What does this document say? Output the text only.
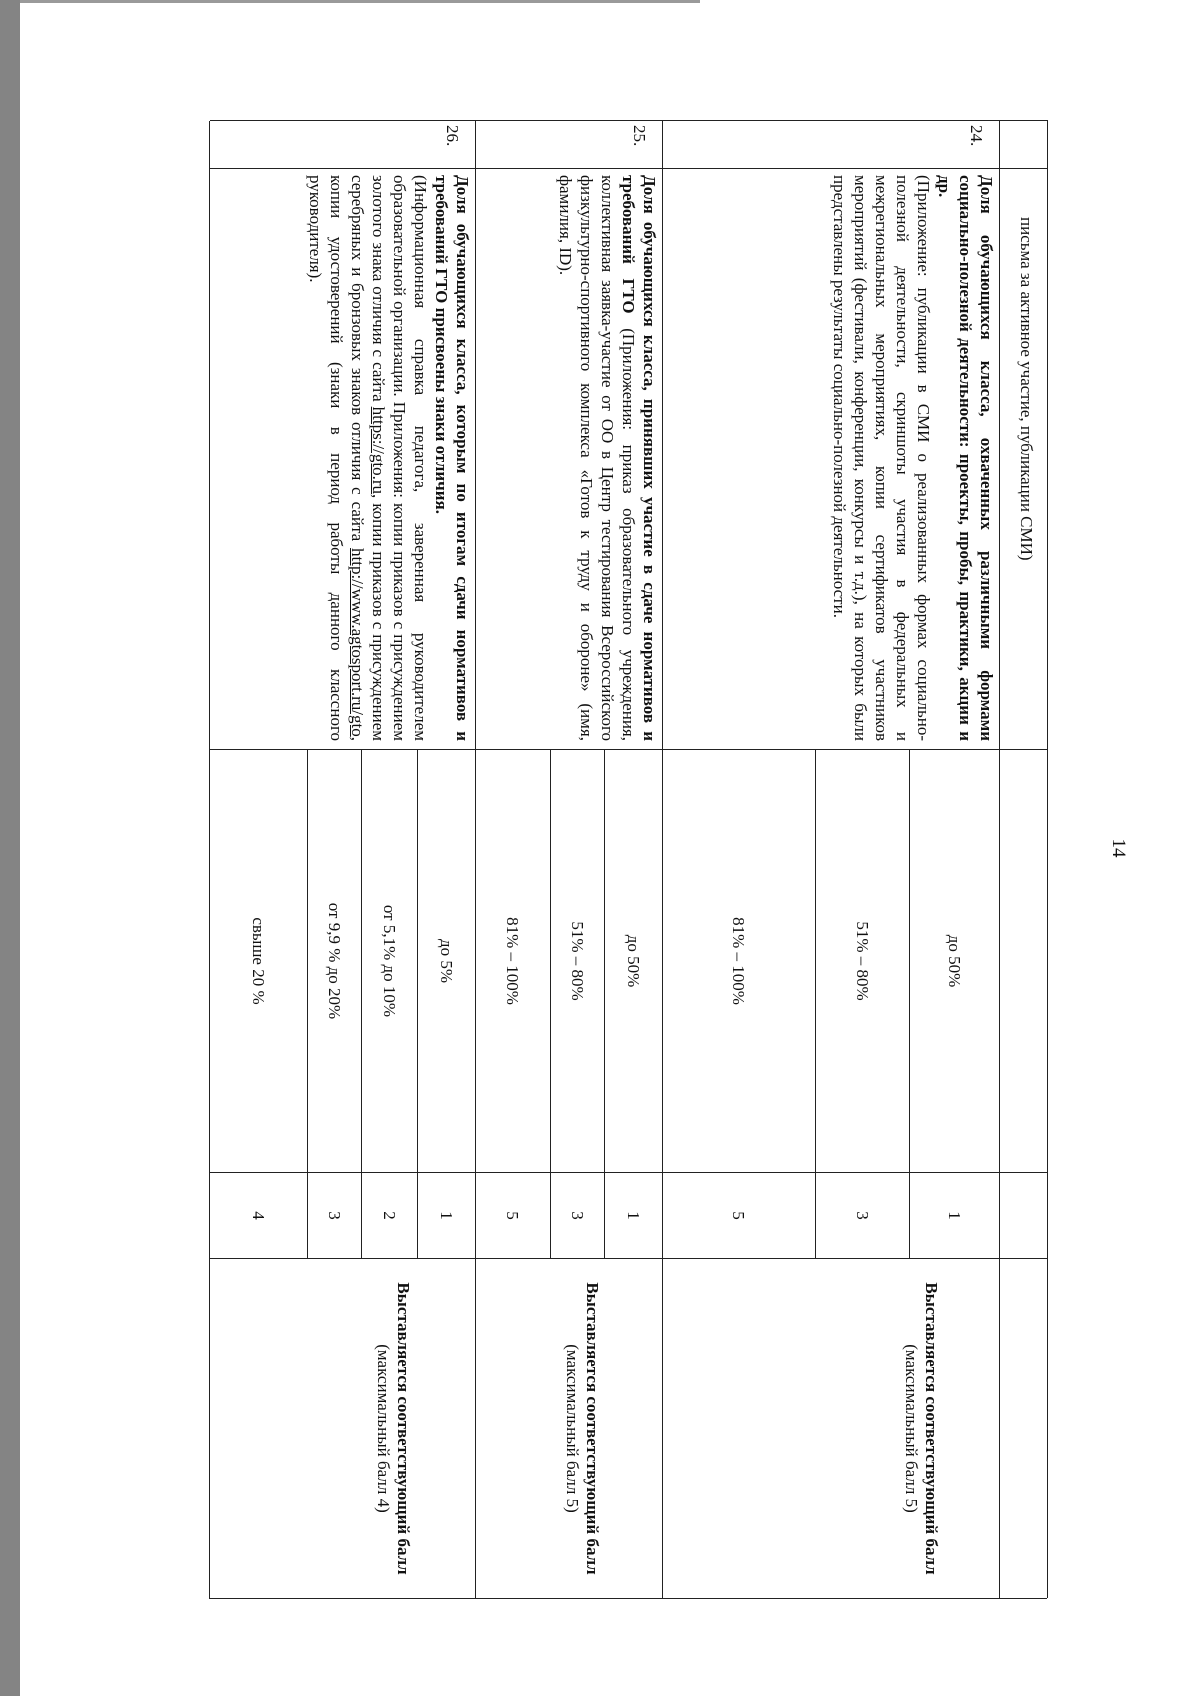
14
письма за активное участие, публикации СМИ)
24.
Доля обучающихся класса, охваченных различными формами социально-полезной деятельности: проекты, пробы, практики, акции и др.
(Приложение: публикации в СМИ о реализованных формах социально-полезной деятельности, скриншоты участия в федеральных и межрегиональных мероприятиях, копии сертификатов участников мероприятий (фестивали, конференции, конкурсы и т.д.), на которых были представлены результаты социально-полезной деятельности.
до 50%
51% – 80%
81% – 100%
1
3
5
Выставляется соответствующий балл
(максимальный балл 5)
25.
Доля обучающихся класса, принявших участие в сдаче нормативов и требований ГТО (Приложения: приказ образовательного учреждения, коллективная заявка-участие от ОО в Центр тестирования Всероссийского физкультурно-спортивного комплекса «Готов к труду и обороне» (имя, фамилия, ID).
до 50%
51% – 80%
81% – 100%
1
3
5
Выставляется соответствующий балл
(максимальный балл 5)
26.
Доля обучающихся класса, которым по итогам сдачи нормативов и требований ГТО присвоены знаки отличия.
(Информационная справка педагога, заверенная руководителем образовательной организации. Приложения: копии приказов с присуждением золотого знака отличия с сайта https://gto.ru, копии приказов с присуждением серебряных и бронзовых знаков отличия с сайта http://www.agtosport.ru/gto, копии удостоверений (знаки в период работы данного классного руководителя).
до 5%
от 5,1% до 10%
от 9,9 % до 20%
свыше 20 %
1
2
3
4
Выставляется соответствующий балл
(максимальный балл 4)
